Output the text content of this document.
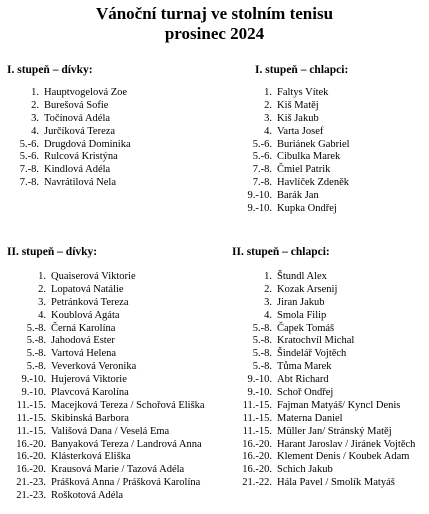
Vánoční turnaj ve stolním tenisu
prosinec 2024
I. stupeň – dívky:
1. Hauptvogelová Zoe
2. Burešová Sofie
3. Točínová Adéla
4. Jurčíková Tereza
5.-6. Drugdová Dominika
5.-6. Rulcová Kristýna
7.-8. Kindlová Adéla
7.-8. Navrátilová Nela
I. stupeň – chlapci:
1. Faltys Vítek
2. Kiš Matěj
3. Kiš Jakub
4. Varta Josef
5.-6. Buriánek Gabriel
5.-6. Cibulka Marek
7.-8. Čmiel Patrik
7.-8. Havlíček Zdeněk
9.-10. Barák Jan
9.-10. Kupka Ondřej
II. stupeň – dívky:
1. Quaiserová Viktorie
2. Lopatová Natálie
3. Petránková Tereza
4. Koublová Agáta
5.-8. Černá Karolína
5.-8. Jahodová Ester
5.-8. Vartová Helena
5.-8. Veverková Veronika
9.-10. Hujerová Viktorie
9.-10. Plavcová Karolína
11.-15. Macejková Tereza / Schořová Eliška
11.-15. Skibinská Barbora
11.-15. Vališová Dana / Veselá Ema
16.-20. Banyaková Tereza / Landrová Anna
16.-20. Klásterková Eliška
16.-20. Krausová Marie / Tazová Adéla
21.-23. Prášková Anna / Prášková Karolína
21.-23. Roškotová Adéla
II. stupeň – chlapci:
1. Štundl Alex
2. Kozak Arsenij
3. Jiran Jakub
4. Smola Filip
5.-8. Čapek Tomáš
5.-8. Kratochvíl Michal
5.-8. Šindelář Vojtěch
5.-8. Tůma Marek
9.-10. Abt Richard
9.-10. Schoř Ondřej
11.-15. Fajman Matyáš/ Kyncl Denis
11.-15. Materna Daniel
11.-15. Müller Jan/ Stránský Matěj
16.-20. Harant Jaroslav / Jiránek Vojtěch
16.-20. Klement Denis / Koubek Adam
16.-20. Schich Jakub
21.-22. Hála Pavel / Smolík Matyáš
